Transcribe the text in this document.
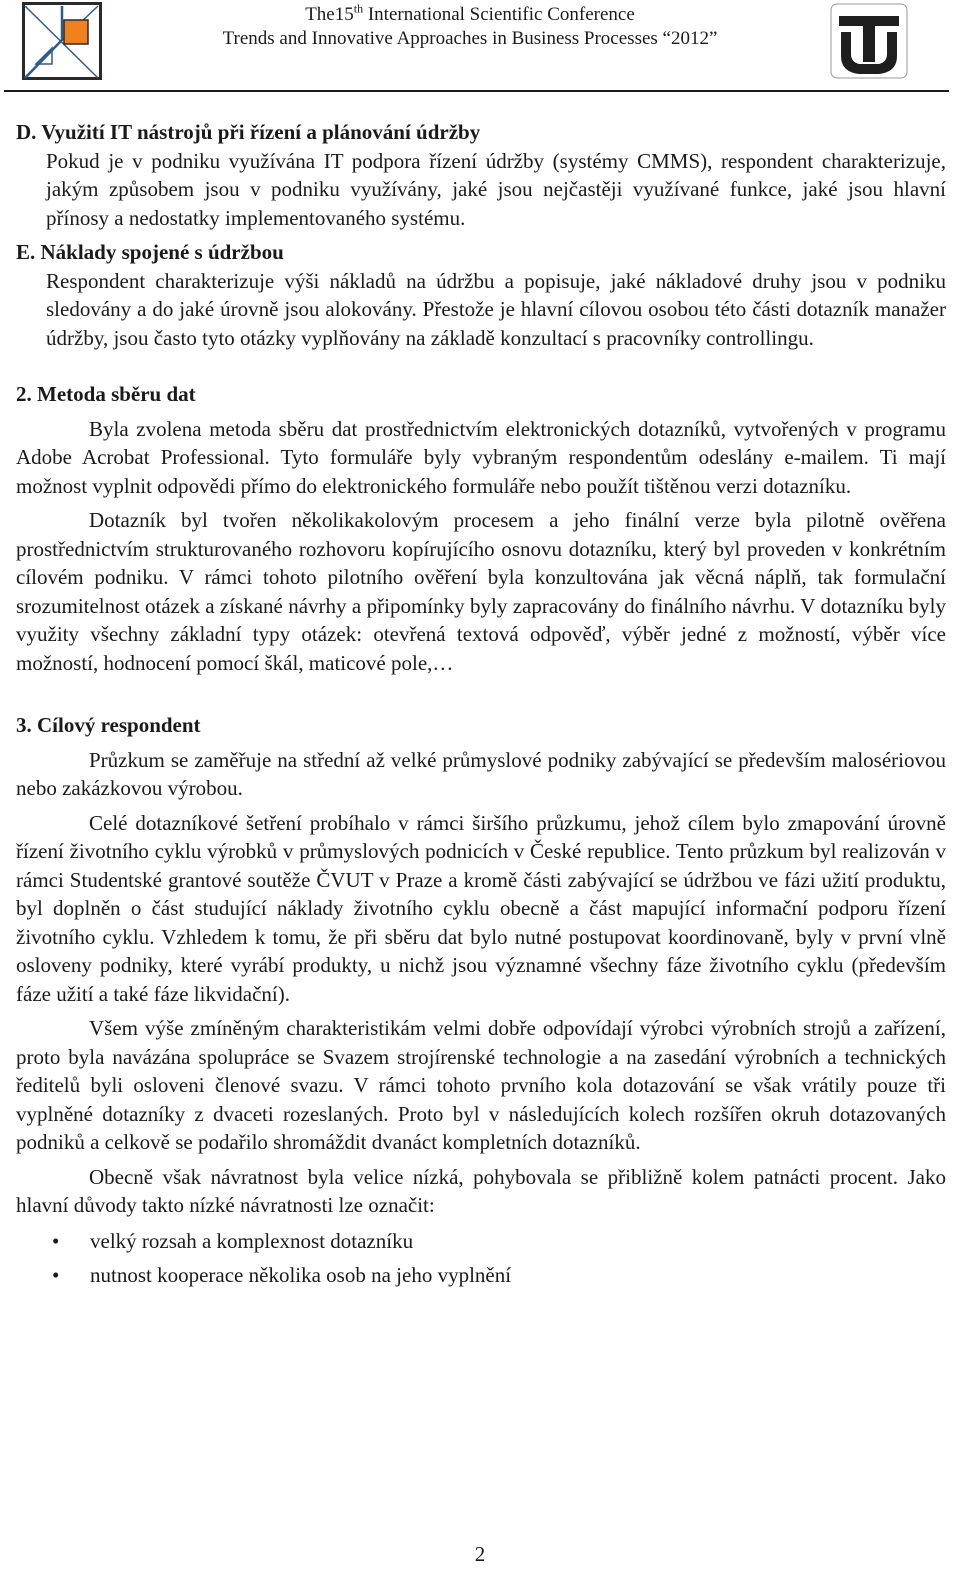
The15th International Scientific Conference
Trends and Innovative Approaches in Business Processes “2012”

D. Využití IT nástrojů při řízení a plánování údržby

Pokud je v podniku využívána IT podpora řízení údržby (systémy CMMS), respondent charakterizuje, jakým způsobem jsou v podniku využívány, jaké jsou nejčastěji využívané funkce, jaké jsou hlavní přínosy a nedostatky implementovaného systému.

E. Náklady spojené s údržbou

Respondent charakterizuje výši nákladů na údržbu a popisuje, jaké nákladové druhy jsou v podniku sledovány a do jaké úrovně jsou alokovány. Přestože je hlavní cílovou osobou této části dotazník manažer údržby, jsou často tyto otázky vyplňovány na základě konzultací s pracovníky controllingu.

2. Metoda sběru dat

Byla zvolena metoda sběru dat prostřednictvím elektronických dotazníků, vytvořených v programu Adobe Acrobat Professional. Tyto formuláře byly vybraným respondentům odeslány e-mailem. Ti mají možnost vyplnit odpovědi přímo do elektronického formuláře nebo použít tištěnou verzi dotazníku.

Dotazník byl tvořen několikakolovým procesem a jeho finální verze byla pilotně ověřena prostřednictvím strukturovaného rozhovoru kopírujícího osnovu dotazníku, který byl proveden v konkrétním cílovém podniku. V rámci tohoto pilotního ověření byla konzultována jak věcná náplň, tak formulační srozumitelnost otázek a získané návrhy a připomínky byly zapracovány do finálního návrhu. V dotazníku byly využity všechny základní typy otázek: otevřená textová odpověď, výběr jedné z možností, výběr více možností, hodnocení pomocí škál, maticové pole,…

3. Cílový respondent

Průzkum se zaměřuje na střední až velké průmyslové podniky zabývající se především malosériovou nebo zakázkovou výrobou.

Celé dotazníkové šetření probíhalo v rámci širšího průzkumu, jehož cílem bylo zmapování úrovně řízení životního cyklu výrobků v průmyslových podnicích v České republice. Tento průzkum byl realizován v rámci Studentské grantové soutěže ČVUT v Praze a kromě části zabývající se údržbou ve fázi užití produktu, byl doplněn o část studující náklady životního cyklu obecně a část mapující informační podporu řízení životního cyklu. Vzhledem k tomu, že při sběru dat bylo nutné postupovat koordinovaně, byly v první vlně osloveny podniky, které vyrábí produkty, u nichž jsou významné všechny fáze životního cyklu (především fáze užití a také fáze likvidační).

Všem výše zmíněným charakteristikám velmi dobře odpovídají výrobci výrobních strojů a zařízení, proto byla navázána spolupráce se Svazem strojírenské technologie a na zasedání výrobních a technických ředitelů byli osloveni členové svazu. V rámci tohoto prvního kola dotazování se však vrátily pouze tři vyplněné dotazníky z dvaceti rozeslaných. Proto byl v následujících kolech rozšířen okruh dotazovaných podniků a celkově se podařilo shromáždit dvanáct kompletních dotazníků.

Obecně však návratnost byla velice nízká, pohybovala se přibližně kolem patnácti procent. Jako hlavní důvody takto nízké návratnosti lze označit:

• velký rozsah a komplexnost dotazníku
• nutnost kooperace několika osob na jeho vyplnění
2
